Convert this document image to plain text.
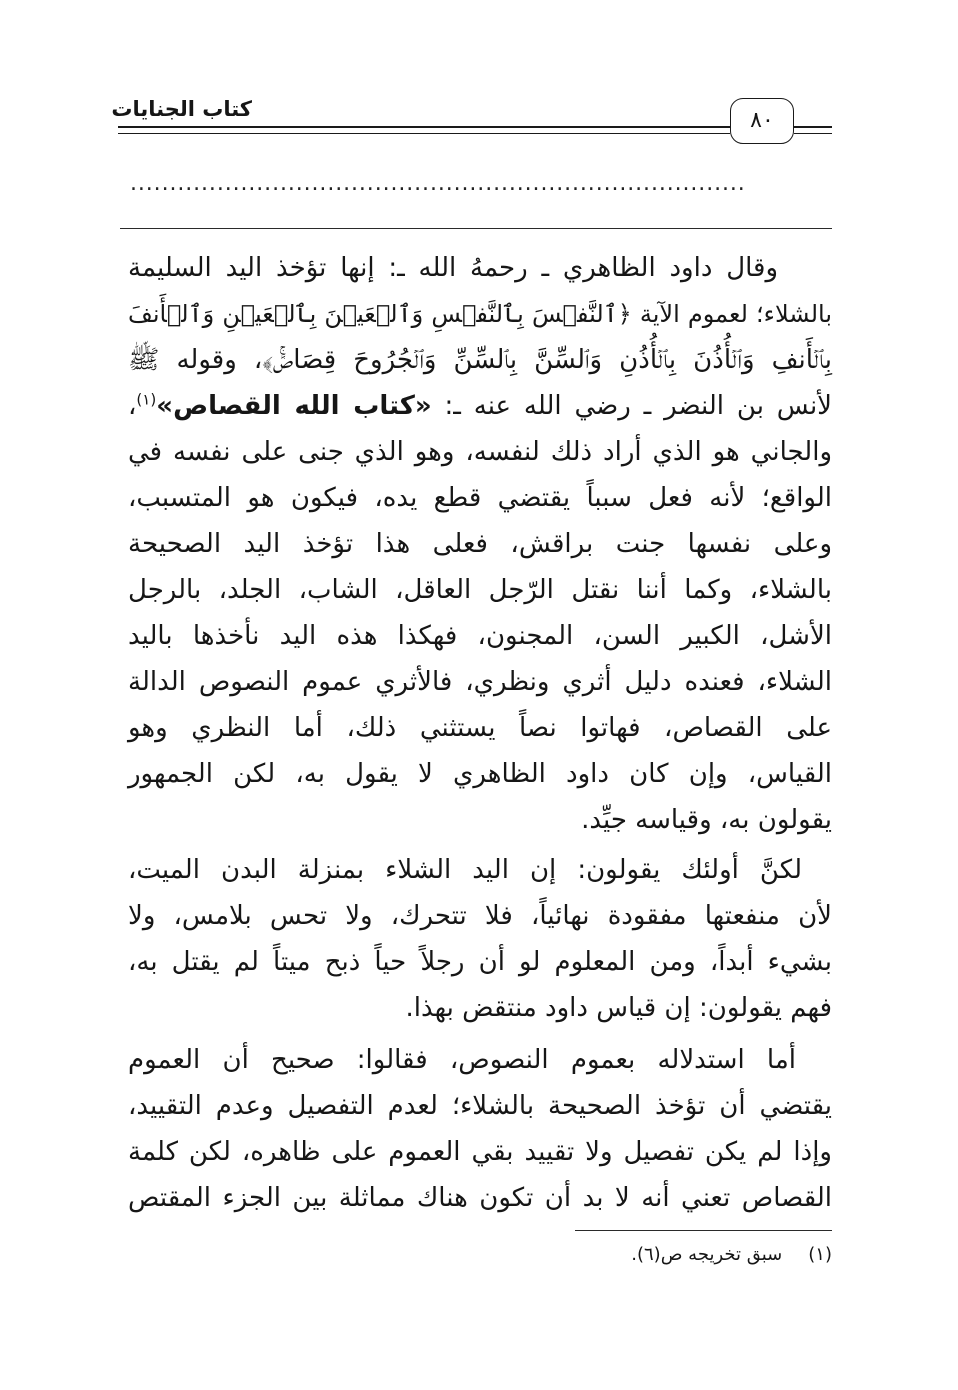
كتاب الجنايات	٨٠
..............................................................................
وقال داود الظاهري ـ رحمهُ الله ـ: إنها تؤخذ اليد السليمة
بالشلاء؛ لعموم الآية ﴿ٱلنَّفۡسَ بِٱلنَّفۡسِ وَٱلۡعَيۡنَ بِٱلۡعَيۡنِ وَٱلۡأَنفَ
بِٱلۡأَنفِ وَٱلۡأُذُنَ بِٱلۡأُذُنِ وَٱلسِّنَّ بِٱلسِّنِّ وَٱلۡجُرُوحَ قِصَاصٞۚ﴾، وقوله ﷺ
لأنس بن النضر ـ رضي الله عنه ـ: «كتاب الله القصاص»$^{(١)}$،
والجاني هو الذي أراد ذلك لنفسه، وهو الذي جنى على نفسه في
الواقع؛ لأنه فعل سبباً يقتضي قطع يده، فيكون هو المتسبب،
وعلى نفسها جنت براقش، فعلى هذا تؤخذ اليد الصحيحة
بالشلاء، وكما أننا نقتل الرّجل العاقل، الشاب، الجلد، بالرجل
الأشل، الكبير السن، المجنون، فهكذا هذه اليد نأخذها باليد
الشلاء، فعنده دليل أثري ونظري، فالأثري عموم النصوص الدالة
على القصاص، فهاتوا نصاً يستثني ذلك، أما النظري وهو
القياس، وإن كان داود الظاهري لا يقول به، لكن الجمهور
يقولون به، وقياسه جيِّد.
لكنَّ أولئك يقولون: إن اليد الشلاء بمنزلة البدن الميت،
لأن منفعتها مفقودة نهائياً، فلا تتحرك، ولا تحس بلامس، ولا
بشيء أبداً، ومن المعلوم لو أن رجلاً حياً ذبح ميتاً لم يقتل به،
فهم يقولون: إن قياس داود منتقض بهذا.
أما استدلاله بعموم النصوص، فقالوا: صحيح أن العموم
يقتضي أن تؤخذ الصحيحة بالشلاء؛ لعدم التفصيل وعدم التقييد،
وإذا لم يكن تفصيل ولا تقييد بقي العموم على ظاهره، لكن كلمة
القصاص تعني أنه لا بد أن تكون هناك مماثلة بين الجزء المقتص
(١)سبق تخريجه ص(٦).
